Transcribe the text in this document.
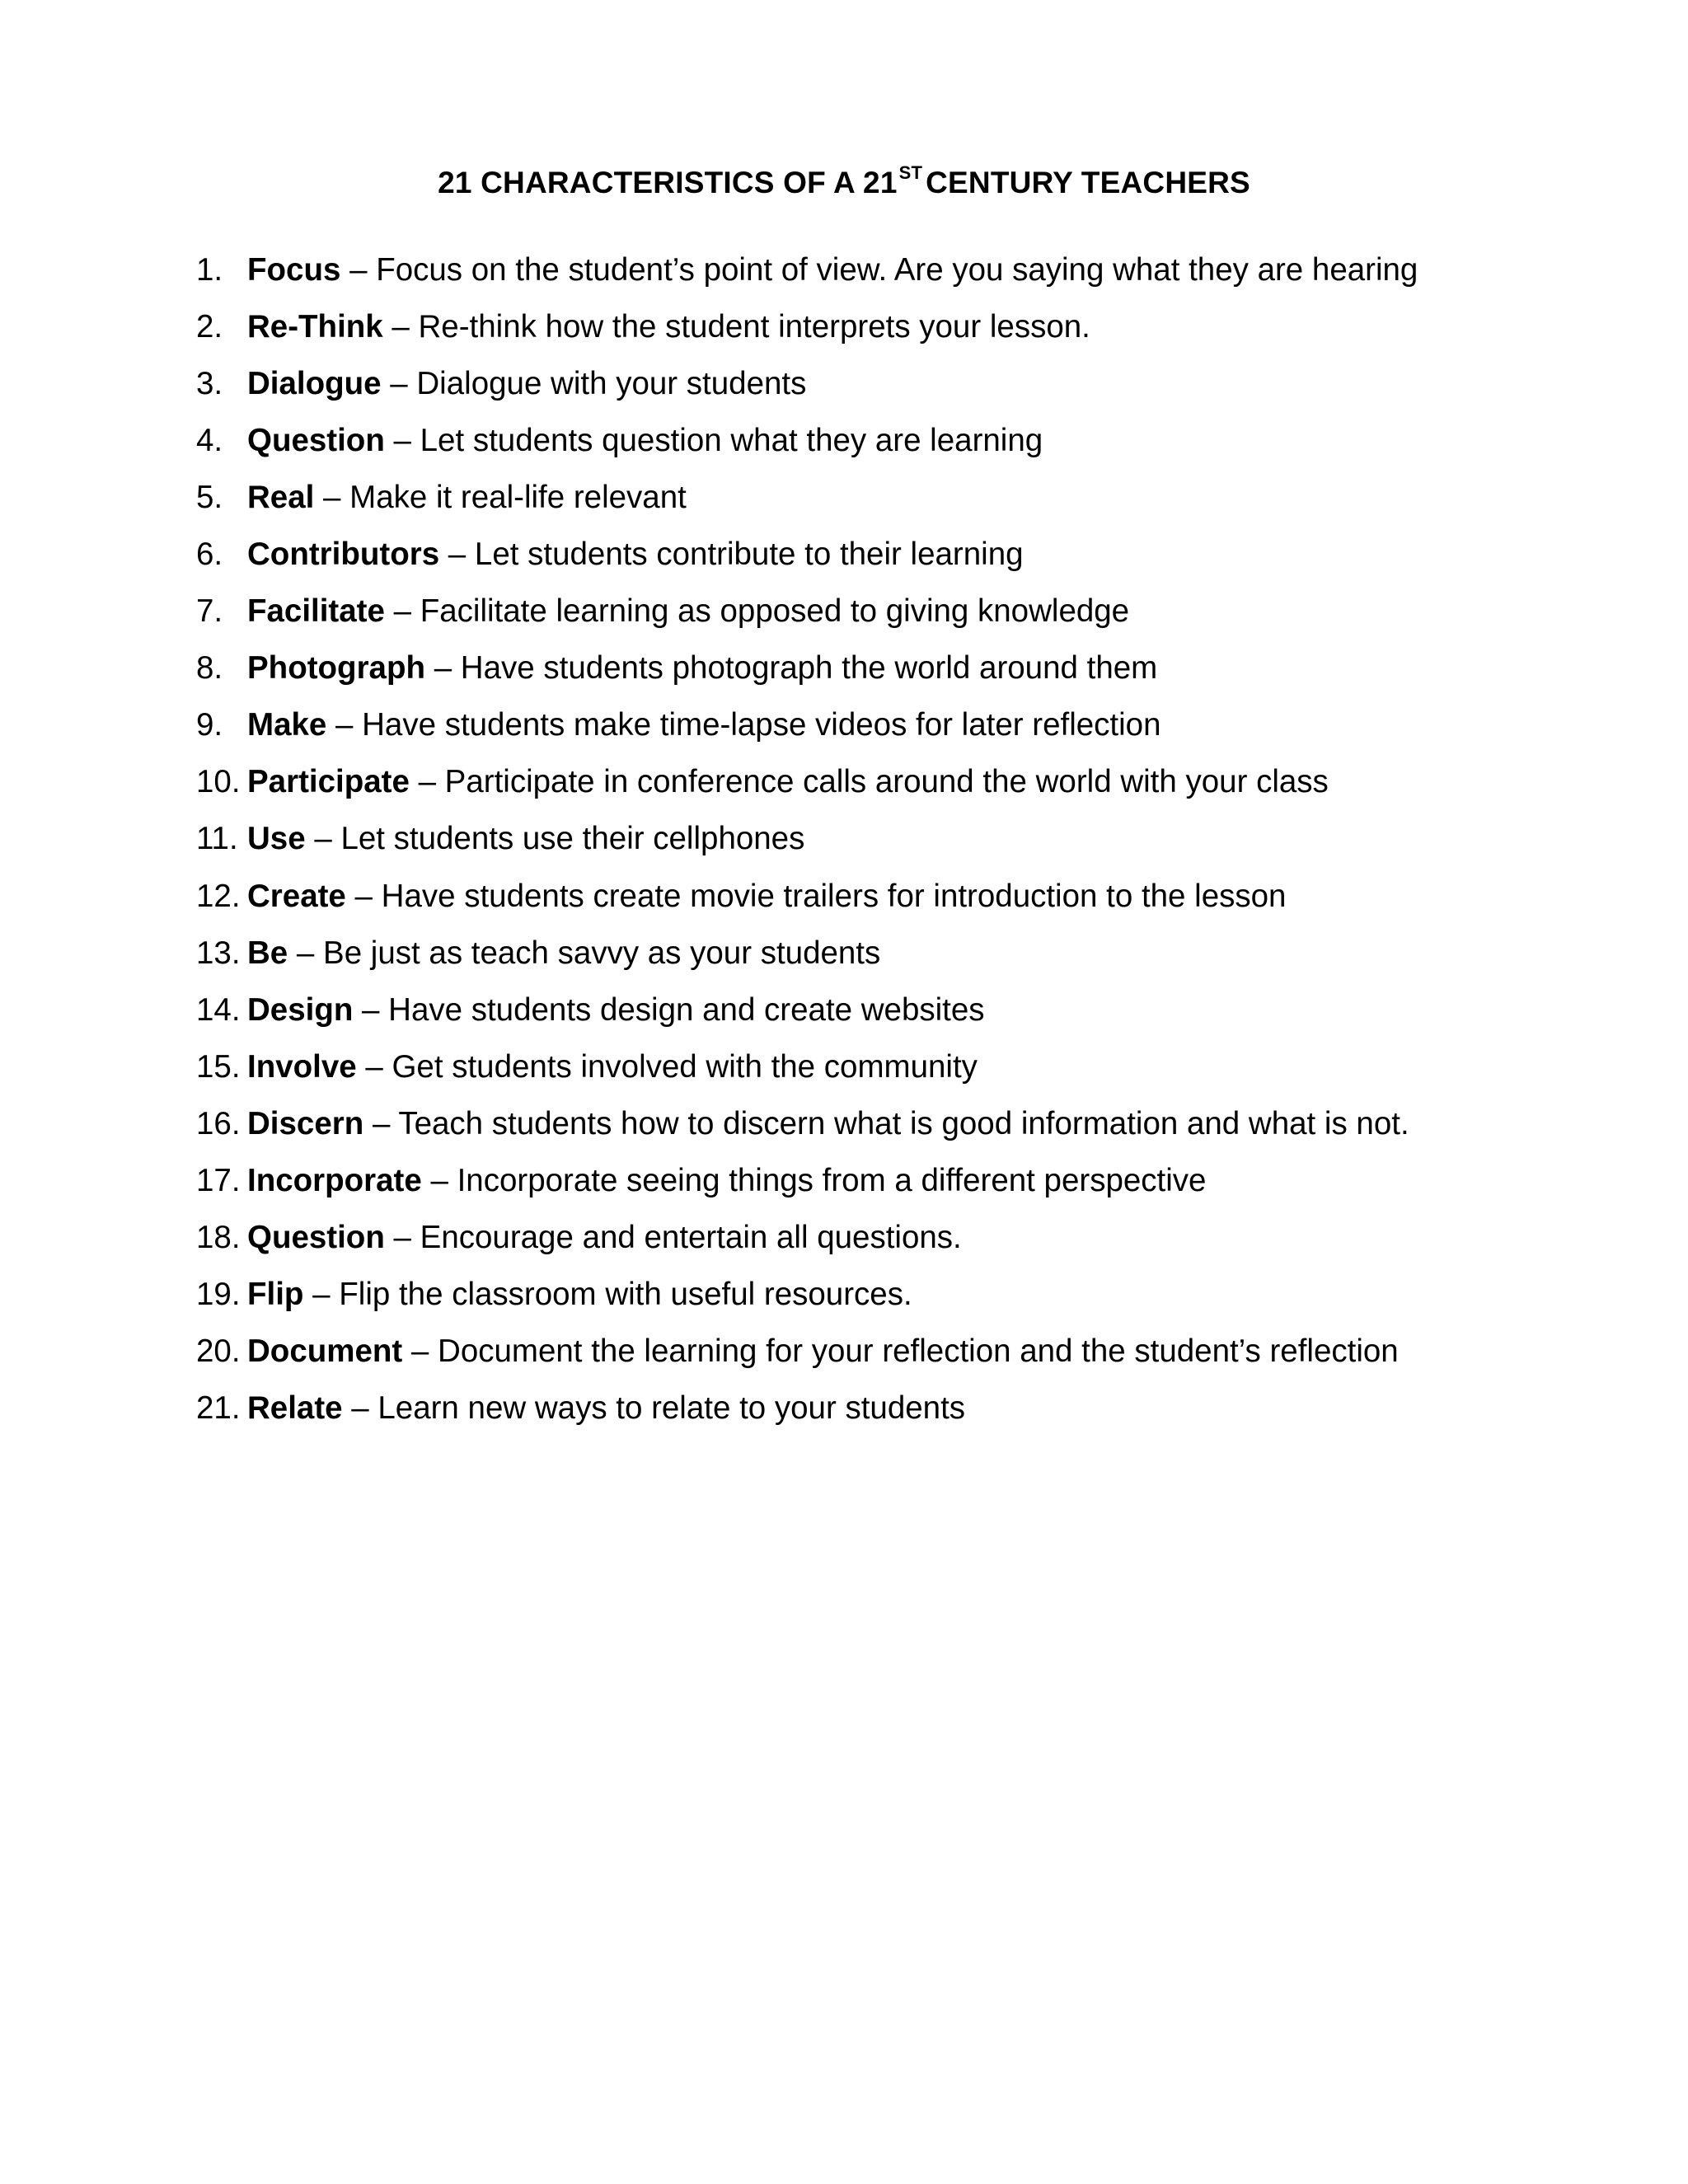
21 CHARACTERISTICS OF A 21ST CENTURY TEACHERS
1. Focus – Focus on the student’s point of view. Are you saying what they are hearing
2. Re-Think – Re-think how the student interprets your lesson.
3. Dialogue – Dialogue with your students
4. Question – Let students question what they are learning
5. Real – Make it real-life relevant
6. Contributors – Let students contribute to their learning
7. Facilitate – Facilitate learning as opposed to giving knowledge
8. Photograph – Have students photograph the world around them
9. Make – Have students make time-lapse videos for later reflection
10. Participate – Participate in conference calls around the world with your class
11. Use – Let students use their cellphones
12. Create – Have students create movie trailers for introduction to the lesson
13. Be – Be just as teach savvy as your students
14. Design – Have students design and create websites
15. Involve – Get students involved with the community
16. Discern – Teach students how to discern what is good information and what is not.
17. Incorporate – Incorporate seeing things from a different perspective
18. Question – Encourage and entertain all questions.
19. Flip – Flip the classroom with useful resources.
20. Document – Document the learning for your reflection and the student’s reflection
21. Relate – Learn new ways to relate to your students
